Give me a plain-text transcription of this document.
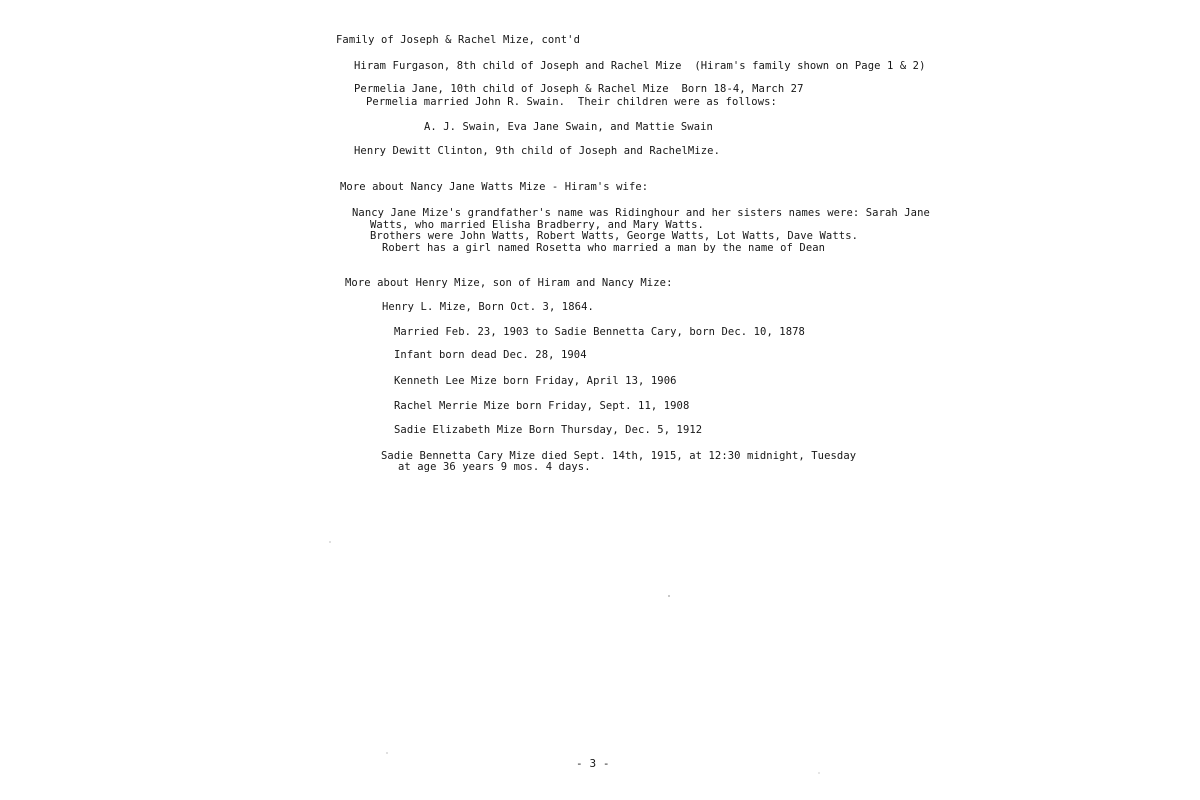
Family of Joseph & Rachel Mize, cont'd
Hiram Furgason, 8th child of Joseph and Rachel Mize  (Hiram's family shown on Page 1 & 2)
Permelia Jane, 10th child of Joseph & Rachel Mize  Born 18-4, March 27
Permelia married John R. Swain.  Their children were as follows:
A. J. Swain, Eva Jane Swain, and Mattie Swain
Henry Dewitt Clinton, 9th child of Joseph and RachelMize.
More about Nancy Jane Watts Mize - Hiram's wife:
Nancy Jane Mize's grandfather's name was Ridinghour and her sisters names were: Sarah Jane
Watts, who married Elisha Bradberry, and Mary Watts.
Brothers were John Watts, Robert Watts, George Watts, Lot Watts, Dave Watts.
Robert has a girl named Rosetta who married a man by the name of Dean
More about Henry Mize, son of Hiram and Nancy Mize:
Henry L. Mize, Born Oct. 3, 1864.
Married Feb. 23, 1903 to Sadie Bennetta Cary, born Dec. 10, 1878
Infant born dead Dec. 28, 1904
Kenneth Lee Mize born Friday, April 13, 1906
Rachel Merrie Mize born Friday, Sept. 11, 1908
Sadie Elizabeth Mize Born Thursday, Dec. 5, 1912
Sadie Bennetta Cary Mize died Sept. 14th, 1915, at 12:30 midnight, Tuesday
at age 36 years 9 mos. 4 days.
- 3 -
